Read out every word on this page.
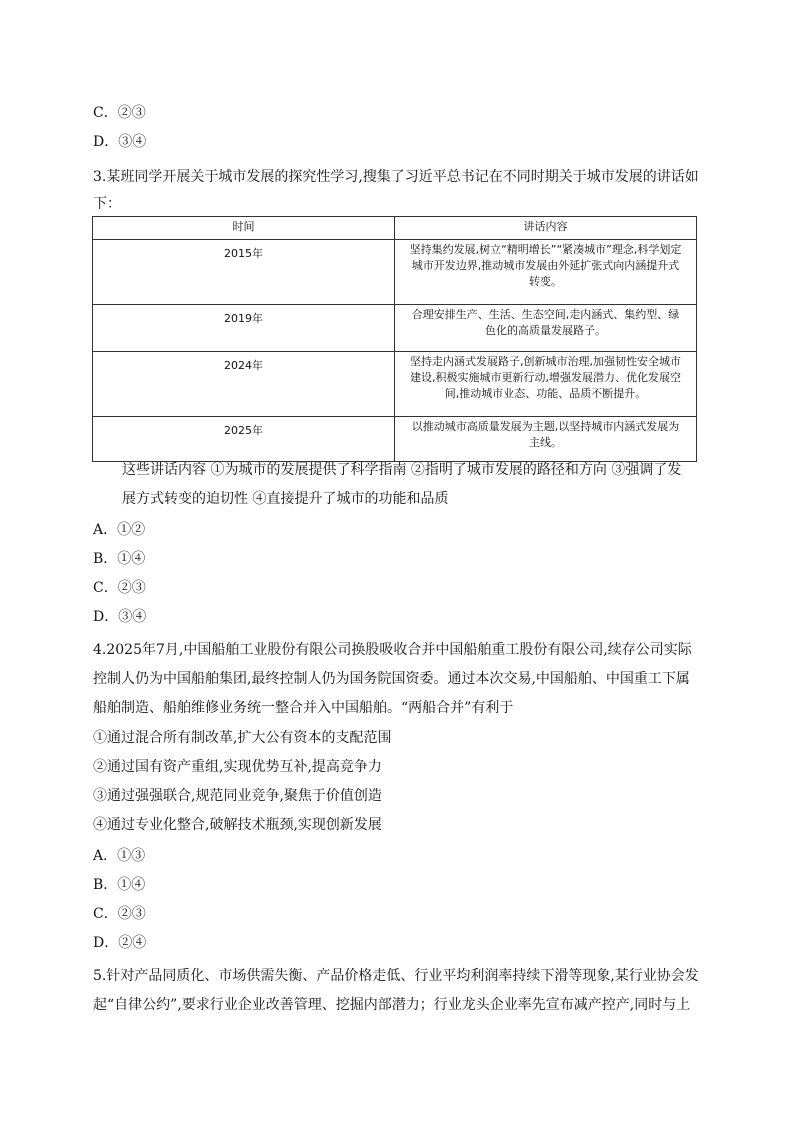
C．②③
D．③④
3.某班同学开展关于城市发展的探究性学习,搜集了习近平总书记在不同时期关于城市发展的讲话如
下：
时间	讲话内容
2015年	坚持集约发展,树立“精明增长”“紧凑城市”理念,科学划定
城市开发边界,推动城市发展由外延扩张式向内涵提升式
转变。

2019年	合理安排生产、生活、生态空间,走内涵式、集约型、绿
色化的高质量发展路子。

2024年	坚持走内涵式发展路子,创新城市治理,加强韧性安全城市
建设,积极实施城市更新行动,增强发展潜力、优化发展空
间,推动城市业态、功能、品质不断提升。

2025年	以推动城市高质量发展为主题,以坚持城市内涵式发展为
主线。
这些讲话内容 ①为城市的发展提供了科学指南 ②指明了城市发展的路径和方向 ③强调了发
展方式转变的迫切性 ④直接提升了城市的功能和品质
A．①②
B．①④
C．②③
D．③④
4.2025年7月,中国船舶工业股份有限公司换股吸收合并中国船舶重工股份有限公司,续存公司实际
控制人仍为中国船舶集团,最终控制人仍为国务院国资委。通过本次交易,中国船舶、中国重工下属
船舶制造、船舶维修业务统一整合并入中国船舶。“两船合并”有利于
①通过混合所有制改革,扩大公有资本的支配范围
②通过国有资产重组,实现优势互补,提高竞争力
③通过强强联合,规范同业竞争,聚焦于价值创造
④通过专业化整合,破解技术瓶颈,实现创新发展
A．①③
B．①④
C．②③
D．②④
5.针对产品同质化、市场供需失衡、产品价格走低、行业平均利润率持续下滑等现象,某行业协会发
起“自律公约”,要求行业企业改善管理、挖掘内部潜力；行业龙头企业率先宣布减产控产,同时与上
